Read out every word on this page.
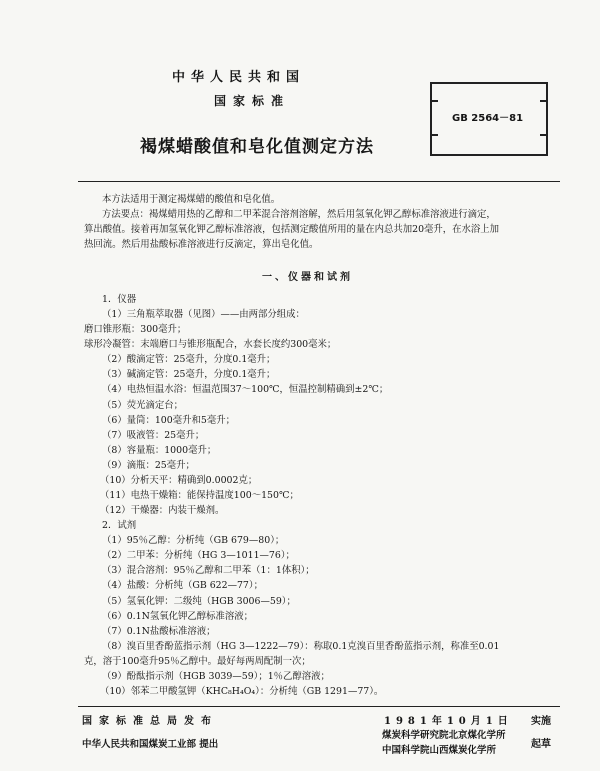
中华人民共和国
国家标准
褐煤蜡酸值和皂化值测定方法
GB 2564－81
本方法适用于测定褐煤蜡的酸值和皂化值。
方法要点：褐煤蜡用热的乙醇和二甲苯混合溶剂溶解，然后用氢氧化钾乙醇标准溶液进行滴定，
算出酸值。接着再加氢氧化钾乙醇标准溶液，包括测定酸值所用的量在内总共加20毫升，在水浴上加
热回流。然后用盐酸标准溶液进行反滴定，算出皂化值。
一、仪器和试剂
1．仪器
（1）三角瓶萃取器（见图）——由两部分组成：
磨口锥形瓶：300毫升；
球形冷凝管：末端磨口与锥形瓶配合，水套长度约300毫米；
（2）酸滴定管：25毫升，分度0.1毫升；
（3）碱滴定管：25毫升，分度0.1毫升；
（4）电热恒温水浴：恒温范围37～100℃，恒温控制精确到±2℃；
（5）荧光滴定台；
（6）量筒：100毫升和5毫升；
（7）吸液管：25毫升；
（8）容量瓶：1000毫升；
（9）滴瓶：25毫升；
（10）分析天平：精确到0.0002克；
（11）电热干燥箱：能保持温度100～150℃；
（12）干燥器：内装干燥剂。
2．试剂
（1）95％乙醇：分析纯（GB 679—80）；
（2）二甲苯：分析纯（HG 3—1011—76）；
（3）混合溶剂：95％乙醇和二甲苯（1：1体积）；
（4）盐酸：分析纯（GB 622—77）；
（5）氢氧化钾：二级纯（HGB 3006—59）；
（6）0.1N氢氧化钾乙醇标准溶液；
（7）0.1N盐酸标准溶液；
（8）溴百里香酚蓝指示剂（HG 3—1222—79）：称取0.1克溴百里香酚蓝指示剂，称准至0.01
克，溶于100毫升95％乙醇中。最好每两周配制一次；
（9）酚酞指示剂（HGB 3039—59）；1％乙醇溶液；
（10）邻苯二甲酸氢钾（KHC₈H₄O₄）：分析纯（GB 1291—77）。
国家标准总局发布	1981年10月1日 实施
中华人民共和国煤炭工业部 提出
煤炭科学研究院北京煤化学所
中国科学院山西煤炭化学所
起草
